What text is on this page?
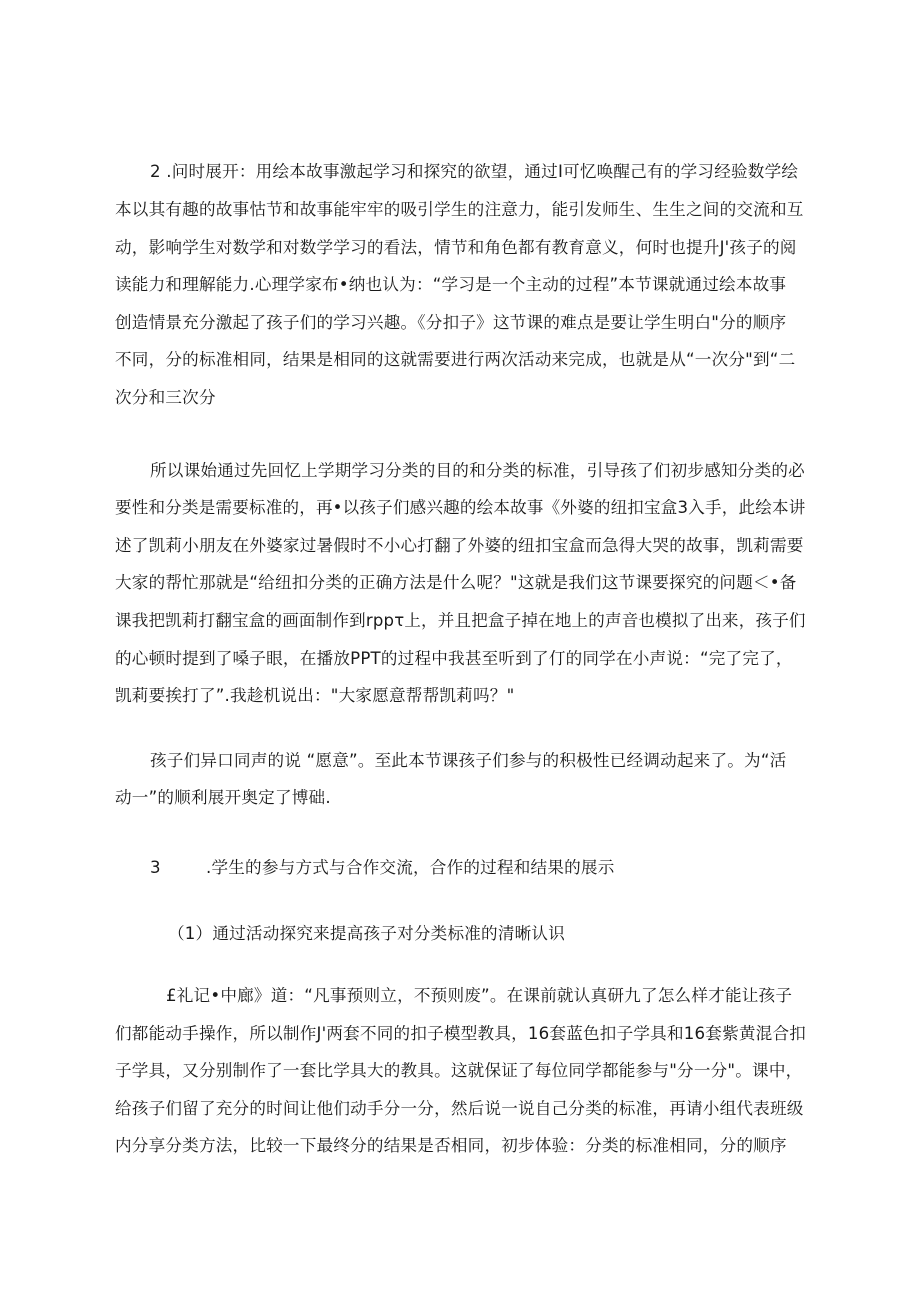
2 .问时展开：用绘本故事激起学习和探究的欲望，通过I可忆唤醒己有的学习经验数学绘
本以其有趣的故事怙节和故事能牢牢的吸引学生的注意力，能引发师生、生生之间的交流和互
动，影响学生对数学和对数学学习的看法，情节和角色都有教育意义，何时也提升J'孩子的阅
读能力和理解能力.心理学家布•纳也认为：“学习是一个主动的过程”本节课就通过绘本故事
创造情景充分激起了孩子们的学习兴趣。《分扣子》这节课的难点是要让学生明白"分的顺序
不同，分的标准相同，结果是相同的这就需要进行两次活动来完成，也就是从“一次分"到“二
次分和三次分
所以课始通过先回忆上学期学习分类的目的和分类的标准，引导孩了们初步感知分类的必
要性和分类是需要标准的，再•以孩子们感兴趣的绘本故事《外婆的纽扣宝盒3入手，此绘本讲
述了凯莉小朋友在外婆家过暑假时不小心打翻了外婆的纽扣宝盒而急得大哭的故事，凯莉需要
大家的帮忙那就是“给纽扣分类的正确方法是什么呢？"这就是我们这节课要探究的问题＜•备
课我把凯莉打翻宝盒的画面制作到rppτ上，并且把盒子掉在地上的声音也模拟了出来，孩子们
的心顿时提到了嗓子眼，在播放PPT的过程中我甚至听到了仃的同学在小声说：“完了完了，
凯莉要挨打了”.我趁机说出："大家愿意帮帮凯莉吗？"
孩子们异口同声的说 “愿意”。至此本节课孩子们参与的积极性已经调动起来了。为“活
动一”的顺利展开奥定了博础.
3	.学生的参与方式与合作交流，合作的过程和结果的展示
（1）通过活动探究来提高孩子对分类标准的清晰认识
£礼记•中廊》道：“凡事预则立，不预则废”。在课前就认真研九了怎么样才能让孩子
们都能动手操作，所以制作J'两套不同的扣子模型教具，16套蓝色扣子学具和16套紫黄混合扣
子学具，又分别制作了一套比学具大的教具。这就保证了每位同学都能参与"分一分"。课中，
给孩子们留了充分的时间让他们动手分一分，然后说一说自己分类的标准，再请小组代表班级
内分享分类方法，比较一下最终分的结果是否相同，初步体验：分类的标准相同，分的顺序
